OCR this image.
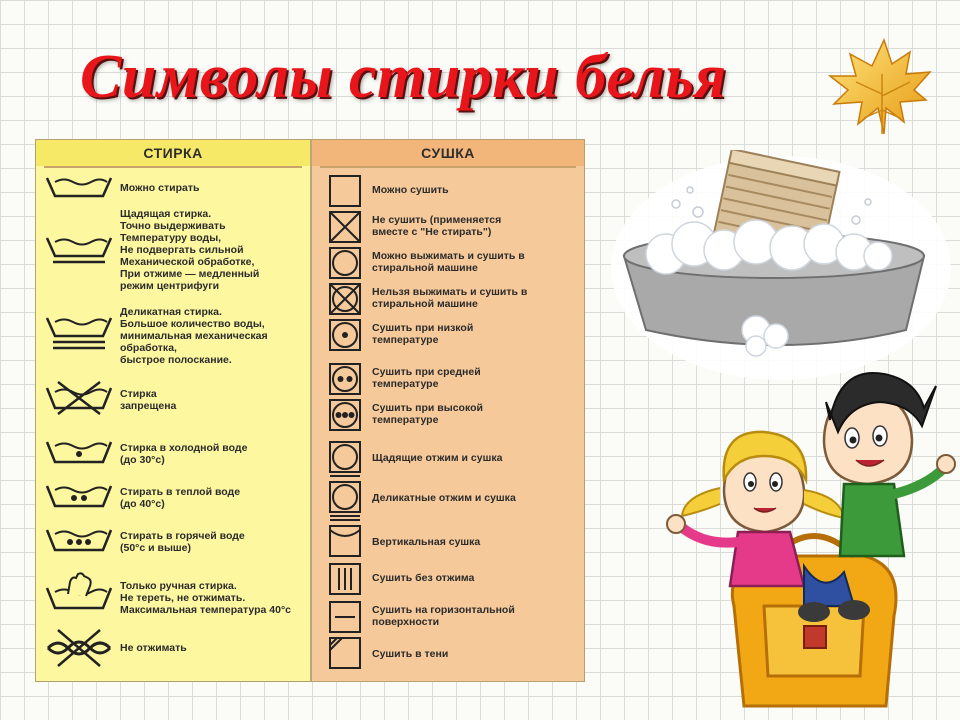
Символы стирки белья
СТИРКА
Можно стирать
Щадящая стирка.
Точно выдерживать
Температуру воды,
Не подвергать сильной
Механической обработке,
При отжиме — медленный
режим центрифуги
Деликатная стирка.
Большое количество воды,
минимальная механическая
обработка,
быстрое полоскание.
Стирка
запрещена
Стирка в холодной воде
(до 30°с)
Стирать в теплой воде
(до 40°с)
Стирать в горячей воде
(50°с и выше)
Только ручная стирка.
Не тереть, не отжимать.
Максимальная температура 40°с
Не отжимать
СУШКА
Можно сушить
Не сушить (применяется
вместе с "Не стирать")
Можно выжимать и сушить в
стиральной машине
Нельзя выжимать и сушить в
стиральной машине
Сушить при низкой
температуре
Сушить при средней
температуре
Сушить при высокой
температуре
Щадящие отжим и сушка
Деликатные отжим и сушка
Вертикальная сушка
Сушить без отжима
Сушить на горизонтальной
поверхности
Сушить в тени
